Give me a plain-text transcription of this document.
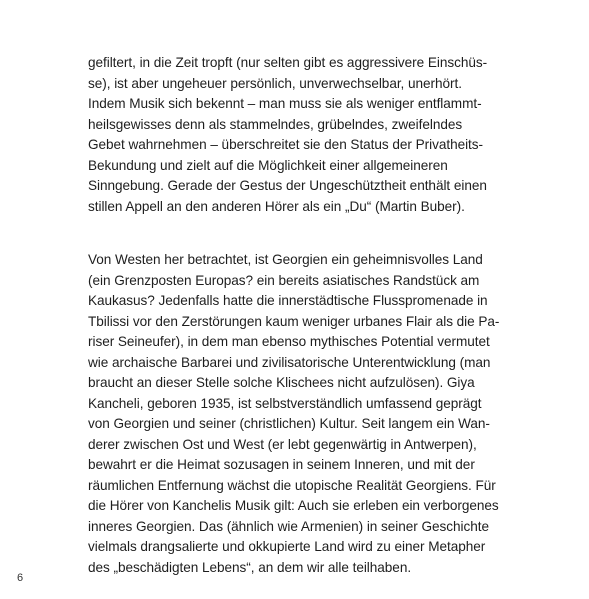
gefiltert, in die Zeit tropft (nur selten gibt es aggressivere Einschüs-
se), ist aber ungeheuer persönlich, unverwechselbar, unerhört.
Indem Musik sich bekennt – man muss sie als weniger entflammt-
heilsgewisses denn als stammelndes, grübelndes, zweifelndes
Gebet wahrnehmen – überschreitet sie den Status der Privatheits-
Bekundung und zielt auf die Möglichkeit einer allgemeineren
Sinngebung. Gerade der Gestus der Ungeschütztheit enthält einen
stillen Appell an den anderen Hörer als ein „Du“ (Martin Buber).

Von Westen her betrachtet, ist Georgien ein geheimnisvolles Land
(ein Grenzposten Europas? ein bereits asiatisches Randstück am
Kaukasus? Jedenfalls hatte die innerstädtische Flusspromenade in
Tbilissi vor den Zerstörungen kaum weniger urbanes Flair als die Pa-
riser Seineufer), in dem man ebenso mythisches Potential vermutet
wie archaische Barbarei und zivilisatorische Unterentwicklung (man
braucht an dieser Stelle solche Klischees nicht aufzulösen). Giya
Kancheli, geboren 1935, ist selbstverständlich umfassend geprägt
von Georgien und seiner (christlichen) Kultur. Seit langem ein Wan-
derer zwischen Ost und West (er lebt gegenwärtig in Antwerpen),
bewahrt er die Heimat sozusagen in seinem Inneren, und mit der
räumlichen Entfernung wächst die utopische Realität Georgiens. Für
die Hörer von Kanchelis Musik gilt: Auch sie erleben ein verborgenes
inneres Georgien. Das (ähnlich wie Armenien) in seiner Geschichte
vielmals drangsalierte und okkupierte Land wird zu einer Metapher
des „beschädigten Lebens“, an dem wir alle teilhaben.

6
